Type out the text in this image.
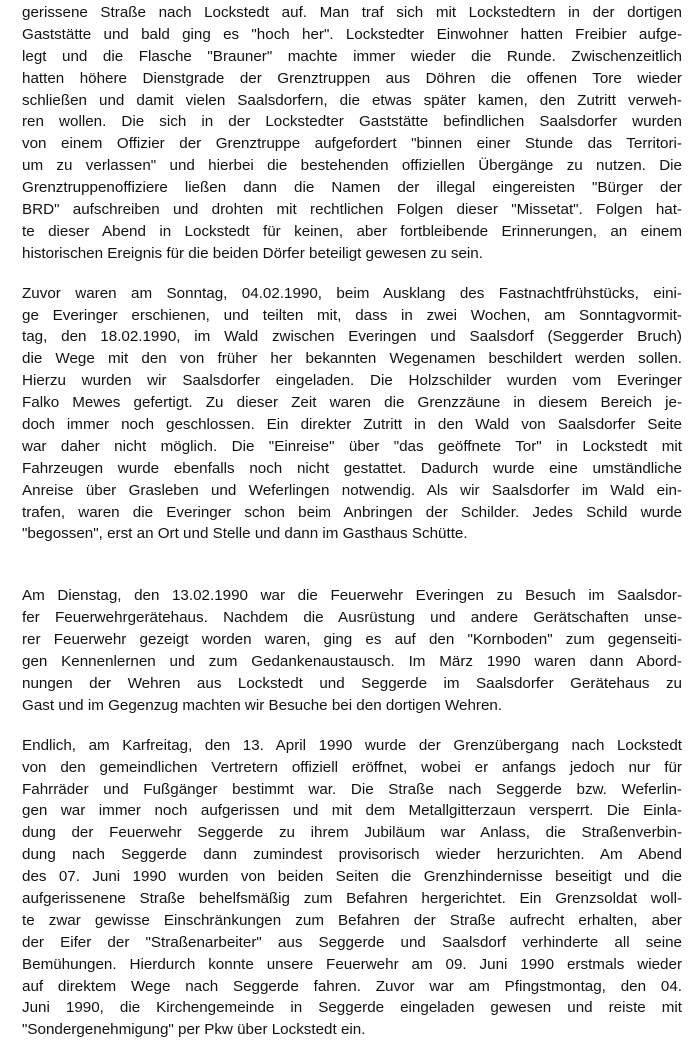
gerissene Straße nach Lockstedt auf. Man traf sich mit Lockstedtern in der dortigen
Gaststätte und bald ging es "hoch her". Lockstedter Einwohner hatten Freibier aufge-
legt und die Flasche "Brauner" machte immer wieder die Runde. Zwischenzeitlich
hatten höhere Dienstgrade der Grenztruppen aus Döhren die offenen Tore wieder
schließen und damit vielen Saalsdorfern, die etwas später kamen, den Zutritt verweh-
ren wollen. Die sich in der Lockstedter Gaststätte befindlichen Saalsdorfer wurden
von einem Offizier der Grenztruppe aufgefordert "binnen einer Stunde das Territori-
um zu verlassen" und hierbei die bestehenden offiziellen Übergänge zu nutzen. Die
Grenztruppenoffiziere ließen dann die Namen der illegal eingereisten "Bürger der
BRD" aufschreiben und drohten mit rechtlichen Folgen dieser "Missetat". Folgen hat-
te dieser Abend in Lockstedt für keinen, aber fortbleibende Erinnerungen, an einem
historischen Ereignis für die beiden Dörfer beteiligt gewesen zu sein.
Zuvor waren am Sonntag, 04.02.1990, beim Ausklang des Fastnachtfrühstücks, eini-
ge Everinger erschienen, und teilten mit, dass in zwei Wochen, am Sonntagvormit-
tag, den 18.02.1990, im Wald zwischen Everingen und Saalsdorf (Seggerder Bruch)
die Wege mit den von früher her bekannten Wegenamen beschildert werden sollen.
Hierzu wurden wir Saalsdorfer eingeladen. Die Holzschilder wurden vom Everinger
Falko Mewes gefertigt. Zu dieser Zeit waren die Grenzzäune in diesem Bereich je-
doch immer noch geschlossen. Ein direkter Zutritt in den Wald von Saalsdorfer Seite
war daher nicht möglich. Die "Einreise" über "das geöffnete Tor" in Lockstedt mit
Fahrzeugen wurde ebenfalls noch nicht gestattet. Dadurch wurde eine umständliche
Anreise über Grasleben und Weferlingen notwendig. Als wir Saalsdorfer im Wald ein-
trafen, waren die Everinger schon beim Anbringen der Schilder. Jedes Schild wurde
"begossen", erst an Ort und Stelle und dann im Gasthaus Schütte.
Am Dienstag, den 13.02.1990 war die Feuerwehr Everingen zu Besuch im Saalsdor-
fer Feuerwehrgerätehaus. Nachdem die Ausrüstung und andere Gerätschaften unse-
rer Feuerwehr gezeigt worden waren, ging es auf den "Kornboden" zum gegenseiti-
gen Kennenlernen und zum Gedankenaustausch. Im März 1990 waren dann Abord-
nungen der Wehren aus Lockstedt und Seggerde im Saalsdorfer Gerätehaus zu
Gast und im Gegenzug machten wir Besuche bei den dortigen Wehren.
Endlich, am Karfreitag, den 13. April 1990 wurde der Grenzübergang nach Lockstedt
von den gemeindlichen Vertretern offiziell eröffnet, wobei er anfangs jedoch nur für
Fahrräder und Fußgänger bestimmt war. Die Straße nach Seggerde bzw. Weferlin-
gen war immer noch aufgerissen und mit dem Metallgitterzaun versperrt. Die Einla-
dung der Feuerwehr Seggerde zu ihrem Jubiläum war Anlass, die Straßenverbin-
dung nach Seggerde dann zumindest provisorisch wieder herzurichten. Am Abend
des 07. Juni 1990 wurden von beiden Seiten die Grenzhindernisse beseitigt und die
aufgerissenene Straße behelfsmäßig zum Befahren hergerichtet. Ein Grenzsoldat woll-
te zwar gewisse Einschränkungen zum Befahren der Straße aufrecht erhalten, aber
der Eifer der "Straßenarbeiter" aus Seggerde und Saalsdorf verhinderte all seine
Bemühungen. Hierdurch konnte unsere Feuerwehr am 09. Juni 1990 erstmals wieder
auf direktem Wege nach Seggerde fahren. Zuvor war am Pfingstmontag, den 04.
Juni 1990, die Kirchengemeinde in Seggerde eingeladen gewesen und reiste mit
"Sondergenehmigung" per Pkw über Lockstedt ein.
